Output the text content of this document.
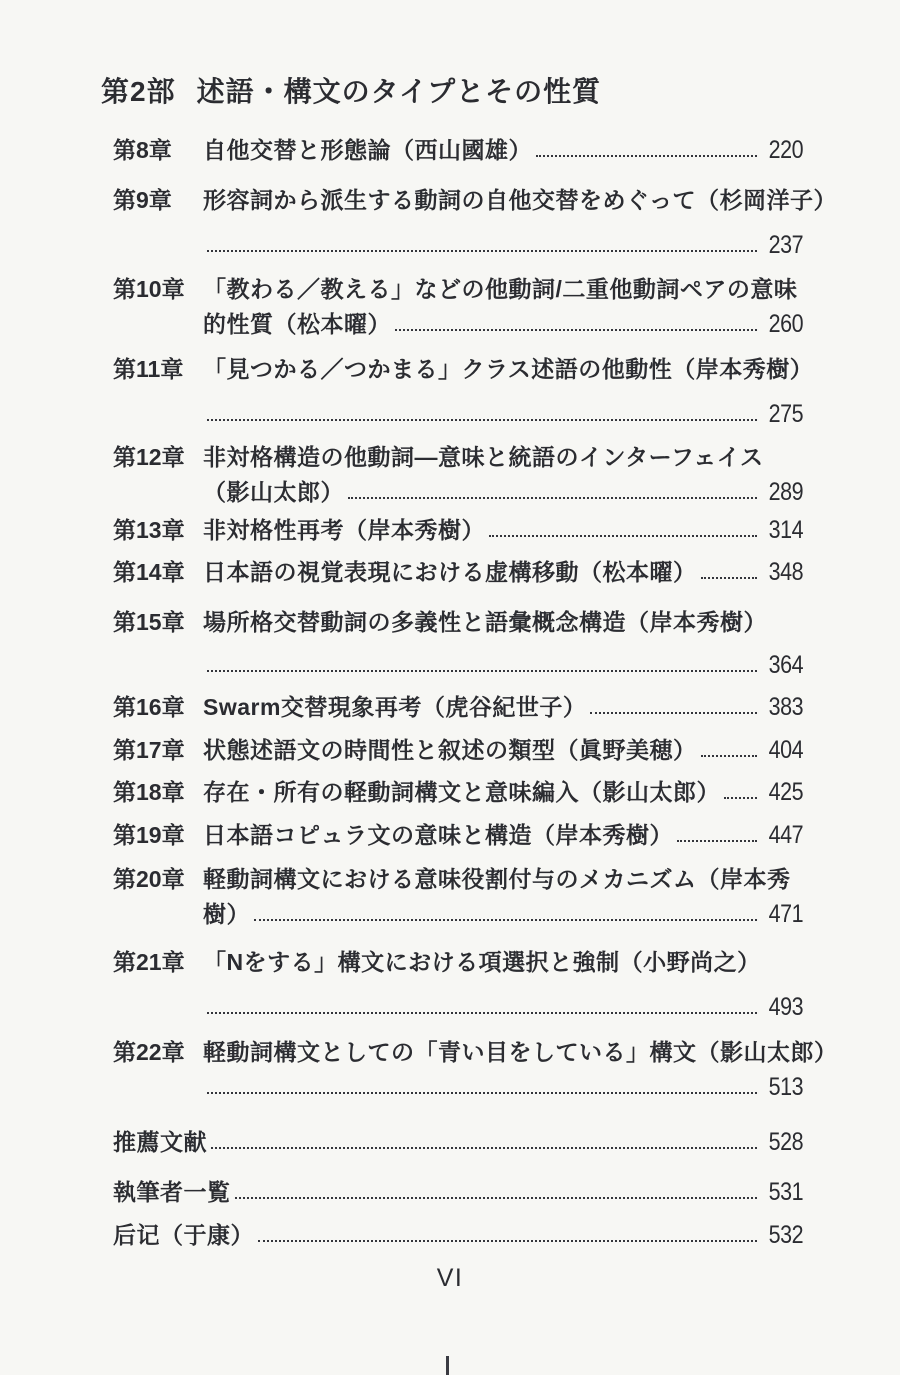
第2部 述語・構文のタイプとその性質
第8章	自他交替と形態論（西山國雄）	220
第9章	形容詞から派生する動詞の自他交替をめぐって（杉岡洋子）
237
第10章 「教わる／教える」などの他動詞/二重他動詞ペアの意味
的性質（松本曜）	260
第11章 「見つかる／つかまる」クラス述語の他動性（岸本秀樹）
275
第12章 非対格構造の他動詞―意味と統語のインターフェイス
（影山太郎）	289
第13章 非対格性再考（岸本秀樹）	314
第14章 日本語の視覚表現における虚構移動（松本曜）	348
第15章 場所格交替動詞の多義性と語彙概念構造（岸本秀樹）
364
第16章 Swarm交替現象再考（虎谷紀世子）	383
第17章 状態述語文の時間性と叙述の類型（眞野美穂）	404
第18章 存在・所有の軽動詞構文と意味編入（影山太郎） 425
第19章 日本語コピュラ文の意味と構造（岸本秀樹）	447
第20章 軽動詞構文における意味役割付与のメカニズム（岸本秀
樹）	471
第21章 「Nをする」構文における項選択と強制（小野尚之）
493
第22章 軽動詞構文としての「青い目をしている」構文（影山太郎）
513
推薦文献	528
執筆者一覧	531
后记（于康）	532
VI
